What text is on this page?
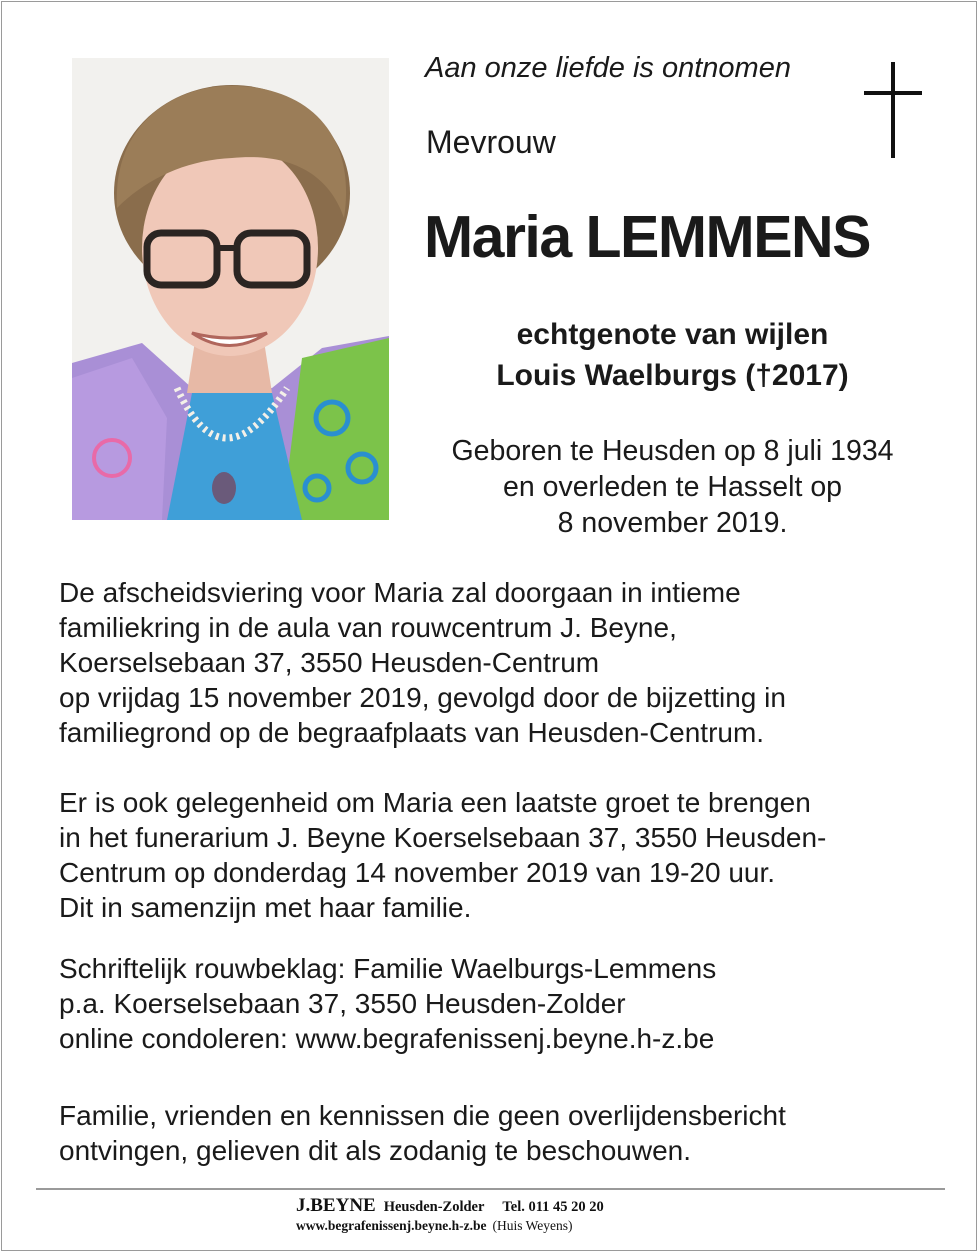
Aan onze liefde is ontnomen
Mevrouw
Maria LEMMENS
echtgenote van wijlen
Louis Waelburgs (†2017)
Geboren te Heusden op 8 juli 1934
en overleden te Hasselt op
8 november 2019.
De afscheidsviering voor Maria zal doorgaan in intieme
familiekring in de aula van rouwcentrum J. Beyne,
Koerselsebaan 37, 3550 Heusden-Centrum
op vrijdag 15 november 2019, gevolgd door de bijzetting in
familiegrond op de begraafplaats van Heusden-Centrum.
Er is ook gelegenheid om Maria een laatste groet te brengen
in het funerarium J. Beyne Koerselsebaan 37, 3550 Heusden-
Centrum op donderdag 14 november 2019 van 19-20 uur.
Dit in samenzijn met haar familie.
Schriftelijk rouwbeklag: Familie Waelburgs-Lemmens
p.a. Koerselsebaan 37, 3550 Heusden-Zolder
online condoleren: www.begrafenissenj.beyne.h-z.be
Familie, vrienden en kennissen die geen overlijdensbericht
ontvingen, gelieven dit als zodanig te beschouwen.
J.BEYNE Heusden-Zolder Tel. 011 45 20 20
www.begrafenissenj.beyne.h-z.be (Huis Weyens)
